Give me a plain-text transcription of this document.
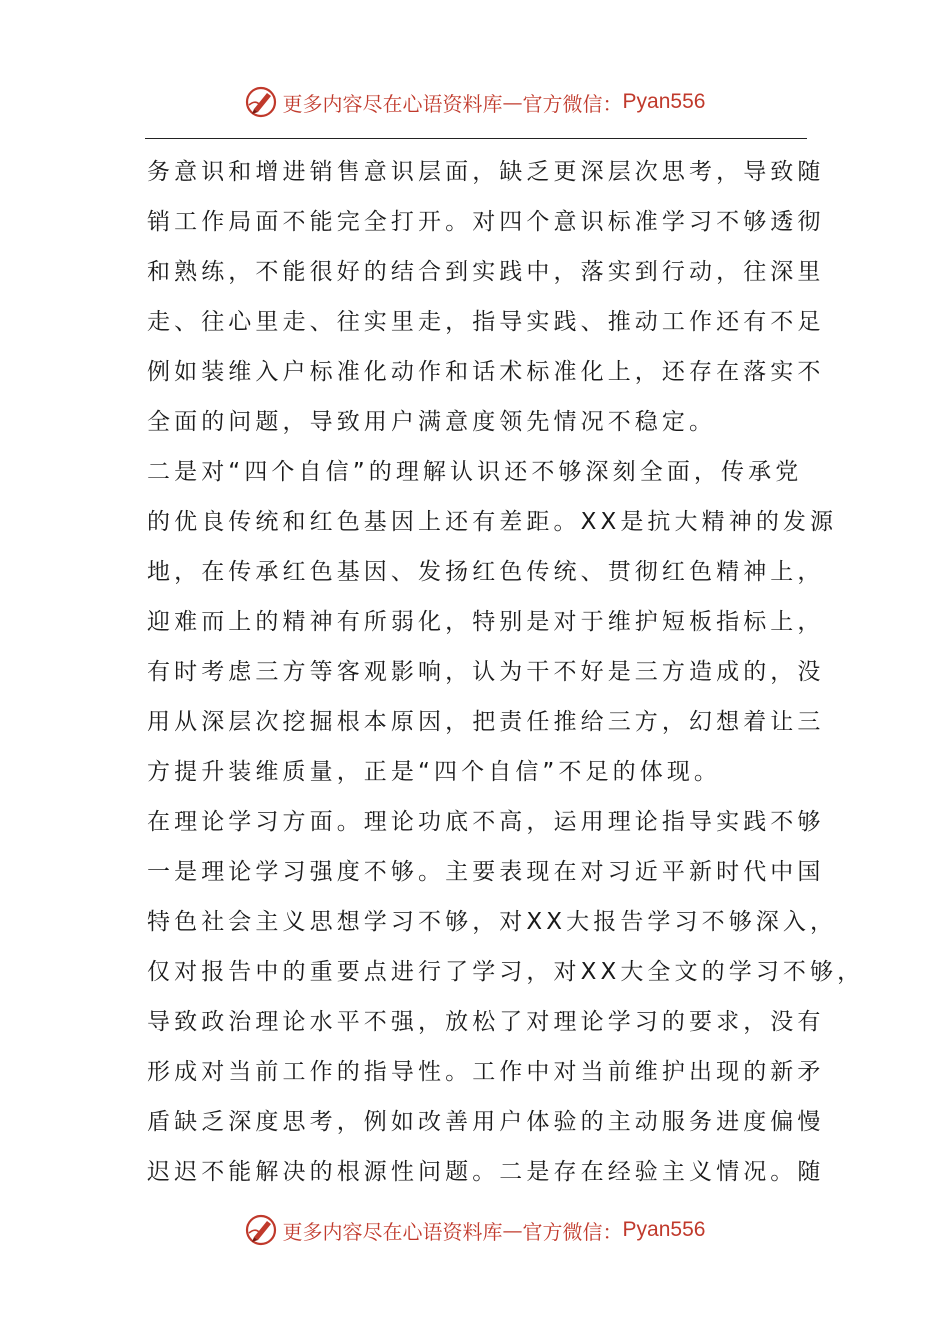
更多内容尽在心语资料库 — 官方微信： Pyan556
务意识和增进销售意识层面，缺乏更深层次思考，导致随
销工作局面不能完全打开。对四个意识标准学习不够透彻
和熟练，不能很好的结合到实践中，落实到行动，往深里
走、往心里走、往实里走，指导实践、推动工作还有不足
例如装维入户标准化动作和话术标准化上，还存在落实不
全面的问题，导致用户满意度领先情况不稳定。
二是对“四个自信”的理解认识还不够深刻全面，传承党
的优良传统和红色基因上还有差距。XX是抗大精神的发源
地，在传承红色基因、发扬红色传统、贯彻红色精神上，
迎难而上的精神有所弱化，特别是对于维护短板指标上，
有时考虑三方等客观影响，认为干不好是三方造成的，没
用从深层次挖掘根本原因，把责任推给三方，幻想着让三
方提升装维质量，正是“四个自信”不足的体现。
在理论学习方面。理论功底不高，运用理论指导实践不够
一是理论学习强度不够。主要表现在对习近平新时代中国
特色社会主义思想学习不够，对XX大报告学习不够深入，
仅对报告中的重要点进行了学习，对XX大全文的学习不够，
导致政治理论水平不强，放松了对理论学习的要求，没有
形成对当前工作的指导性。工作中对当前维护出现的新矛
盾缺乏深度思考，例如改善用户体验的主动服务进度偏慢
迟迟不能解决的根源性问题。二是存在经验主义情况。随
更多内容尽在心语资料库 — 官方微信： Pyan556
